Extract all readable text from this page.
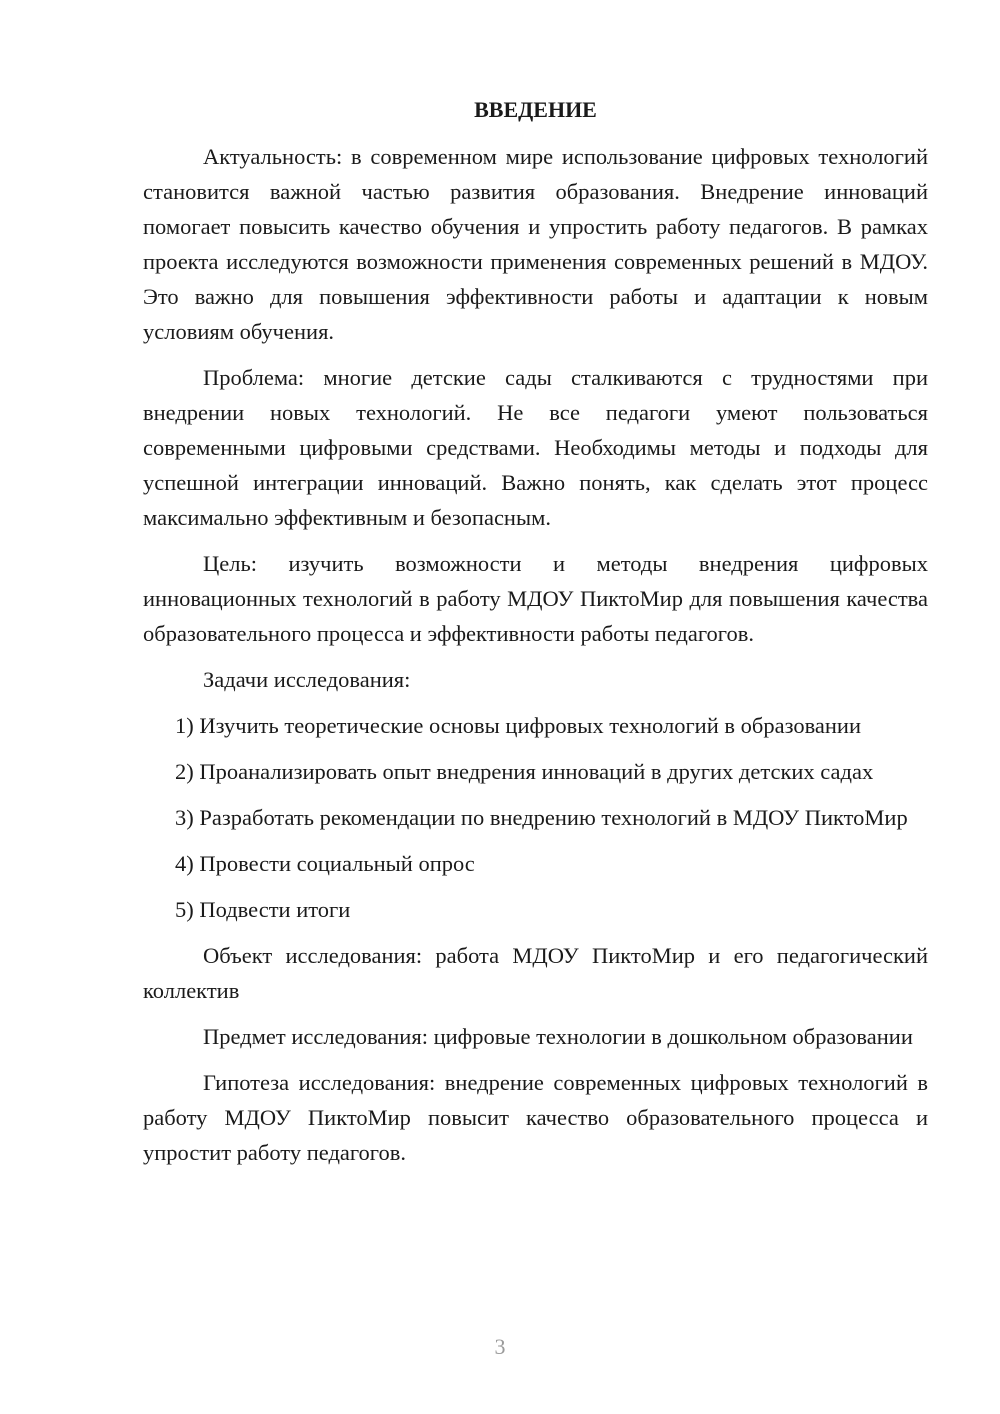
ВВЕДЕНИЕ

Актуальность: в современном мире использование цифровых технологий становится важной частью развития образования. Внедрение инноваций помогает повысить качество обучения и упростить работу педагогов. В рамках проекта исследуются возможности применения современных решений в МДОУ. Это важно для повышения эффективности работы и адаптации к новым условиям обучения.

Проблема: многие детские сады сталкиваются с трудностями при внедрении новых технологий. Не все педагоги умеют пользоваться современными цифровыми средствами. Необходимы методы и подходы для успешной интеграции инноваций. Важно понять, как сделать этот процесс максимально эффективным и безопасным.

Цель: изучить возможности и методы внедрения цифровых инновационных технологий в работу МДОУ ПиктоМир для повышения качества образовательного процесса и эффективности работы педагогов.

Задачи исследования:

1) Изучить теоретические основы цифровых технологий в образовании

2) Проанализировать опыт внедрения инноваций в других детских садах

3) Разработать рекомендации по внедрению технологий в МДОУ ПиктоМир

4) Провести социальный опрос

5) Подвести итоги

Объект исследования: работа МДОУ ПиктоМир и его педагогический коллектив

Предмет исследования: цифровые технологии в дошкольном образовании

Гипотеза исследования: внедрение современных цифровых технологий в работу МДОУ ПиктоМир повысит качество образовательного процесса и упростит работу педагогов.

3
